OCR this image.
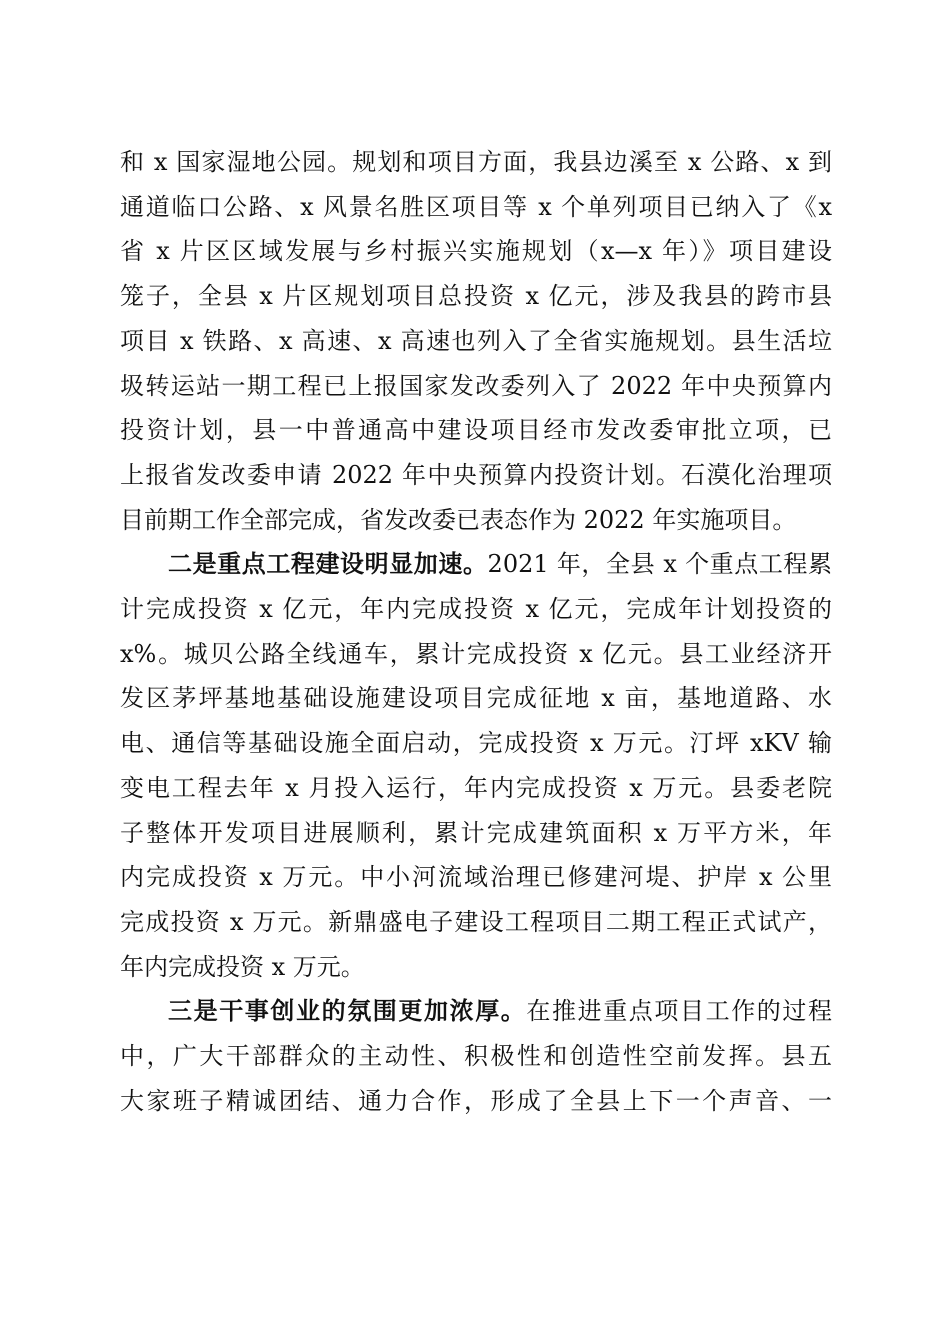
和 x 国家湿地公园。规划和项目方面，我县边溪至 x 公路、x 到
通道临口公路、x 风景名胜区项目等 x 个单列项目已纳入了《x
省 x 片区区域发展与乡村振兴实施规划（x—x 年）》项目建设
笼子，全县 x 片区规划项目总投资 x 亿元，涉及我县的跨市县
项目 x 铁路、x 高速、x 高速也列入了全省实施规划。县生活垃
圾转运站一期工程已上报国家发改委列入了 2022 年中央预算内
投资计划，县一中普通高中建设项目经市发改委审批立项，已
上报省发改委申请 2022 年中央预算内投资计划。石漠化治理项
目前期工作全部完成，省发改委已表态作为 2022 年实施项目。
二是重点工程建设明显加速。2021 年，全县 x 个重点工程累
计完成投资 x 亿元，年内完成投资 x 亿元，完成年计划投资的
x%。城贝公路全线通车，累计完成投资 x 亿元。县工业经济开
发区茅坪基地基础设施建设项目完成征地 x 亩，基地道路、水
电、通信等基础设施全面启动，完成投资 x 万元。汀坪 xKV 输
变电工程去年 x 月投入运行，年内完成投资 x 万元。县委老院
子整体开发项目进展顺利，累计完成建筑面积 x 万平方米，年
内完成投资 x 万元。中小河流域治理已修建河堤、护岸 x 公里
完成投资 x 万元。新鼎盛电子建设工程项目二期工程正式试产，
年内完成投资 x 万元。
三是干事创业的氛围更加浓厚。在推进重点项目工作的过程
中，广大干部群众的主动性、积极性和创造性空前发挥。县五
大家班子精诚团结、通力合作，形成了全县上下一个声音、一
